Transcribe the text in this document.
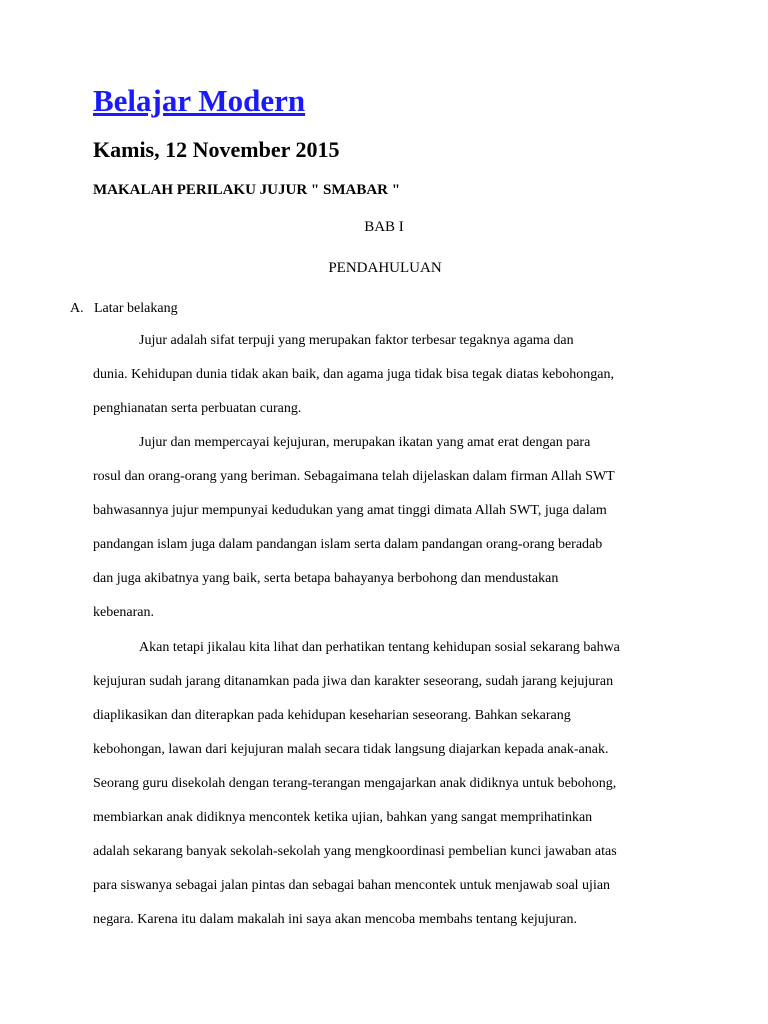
Belajar Modern
Kamis, 12 November 2015
MAKALAH PERILAKU JUJUR " SMABAR "
BAB I
PENDAHULUAN
A. Latar belakang
Jujur adalah sifat terpuji yang merupakan faktor terbesar tegaknya agama dan
dunia. Kehidupan dunia tidak akan baik, dan agama juga tidak bisa tegak diatas kebohongan,
penghianatan serta perbuatan curang.
Jujur dan mempercayai kejujuran, merupakan ikatan yang amat erat dengan para
rosul dan orang-orang yang beriman. Sebagaimana telah dijelaskan dalam firman Allah SWT
bahwasannya jujur mempunyai kedudukan yang amat tinggi dimata Allah SWT, juga dalam
pandangan islam juga dalam pandangan islam serta dalam pandangan orang-orang beradab
dan juga akibatnya yang baik, serta betapa bahayanya berbohong dan mendustakan
kebenaran.
Akan tetapi jikalau kita lihat dan perhatikan tentang kehidupan sosial sekarang bahwa
kejujuran sudah jarang ditanamkan pada jiwa dan karakter seseorang, sudah jarang kejujuran
diaplikasikan dan diterapkan pada kehidupan keseharian seseorang. Bahkan sekarang
kebohongan, lawan dari kejujuran malah secara tidak langsung diajarkan kepada anak-anak.
Seorang guru disekolah dengan terang-terangan mengajarkan anak didiknya untuk bebohong,
membiarkan anak didiknya mencontek ketika ujian, bahkan yang sangat memprihatinkan
adalah sekarang banyak sekolah-sekolah yang mengkoordinasi pembelian kunci jawaban atas
para siswanya sebagai jalan pintas dan sebagai bahan mencontek untuk menjawab soal ujian
negara. Karena itu dalam makalah ini saya akan mencoba membahs tentang kejujuran.
